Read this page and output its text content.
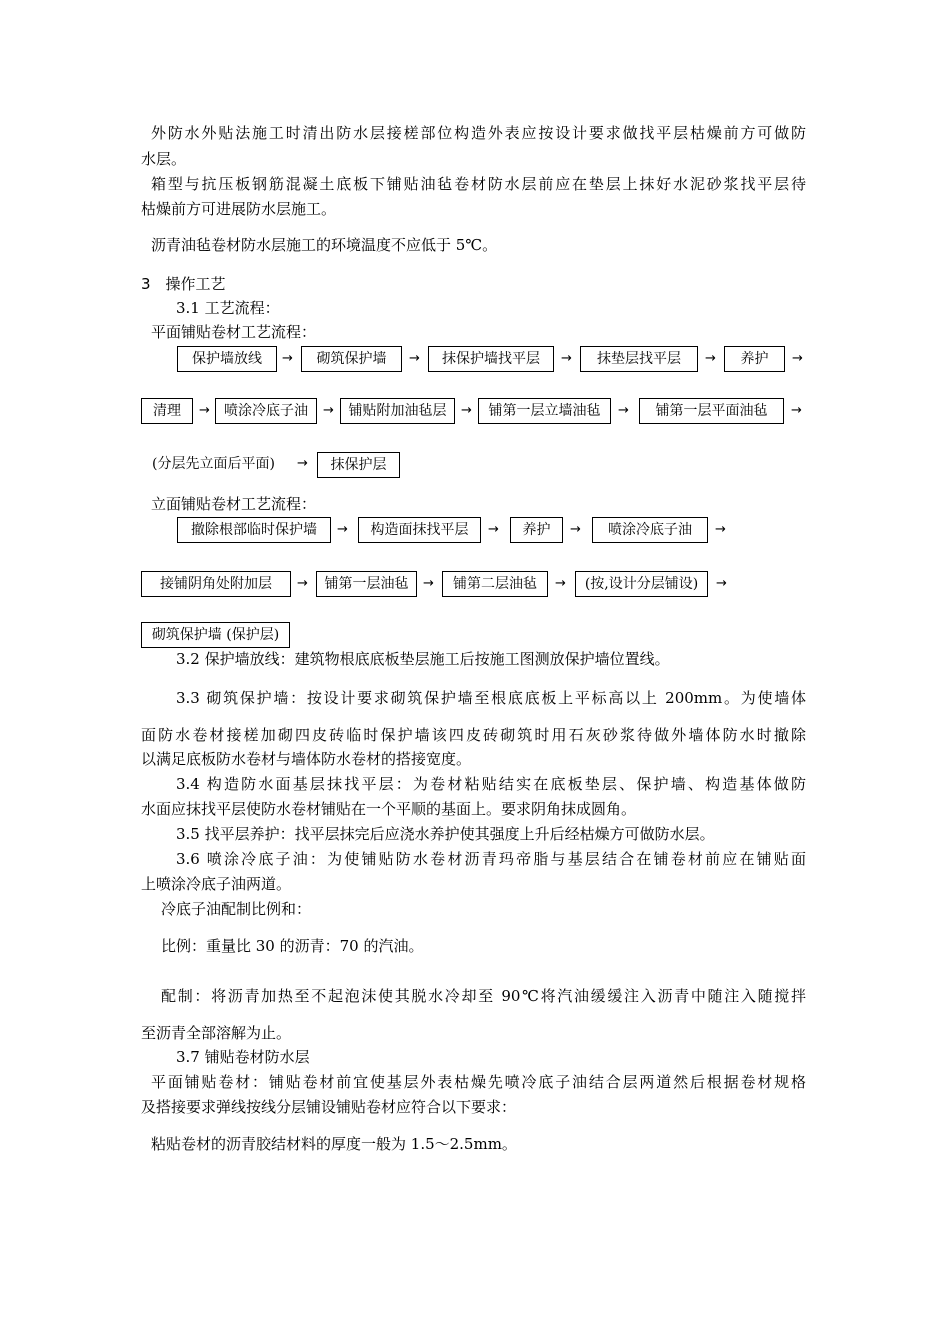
外防水外贴法施工时清出防水层接槎部位构造外表应按设计要求做找平层枯燥前方可做防
水层。
箱型与抗压板钢筋混凝土底板下铺贴油毡卷材防水层前应在垫层上抹好水泥砂浆找平层待
枯燥前方可进展防水层施工。
沥青油毡卷材防水层施工的环境温度不应低于 5℃。
3　操作工艺
3.1 工艺流程：
平面铺贴卷材工艺流程：
保护墙放线	→	砌筑保护墙	→	抹保护墙找平层	→	抹垫层找平层	→	养护	→
清理	→	喷涂冷底子油	→	铺贴附加油毡层	→	铺第一层立墙油毡	→	铺第一层平面油毡	→
(分层先立面后平面) →	抹保护层
立面铺贴卷材工艺流程：
撤除根部临时保护墙	→	构造面抹找平层	→	养护	→	喷涂冷底子油	→
接铺阴角处附加层	→	铺第一层油毡	→	铺第二层油毡	→	(按,设计分层铺设)	→
砌筑保护墙 (保护层)
3.2 保护墙放线：建筑物根底底板垫层施工后按施工图测放保护墙位置线。
3.3 砌筑保护墙：按设计要求砌筑保护墙至根底底板上平标高以上 200mm。为使墙体
面防水卷材接槎加砌四皮砖临时保护墙该四皮砖砌筑时用石灰砂浆待做外墙体防水时撤除
以满足底板防水卷材与墙体防水卷材的搭接宽度。
3.4 构造防水面基层抹找平层：为卷材粘贴结实在底板垫层、保护墙、构造基体做防
水面应抹找平层使防水卷材铺贴在一个平顺的基面上。要求阴角抹成圆角。
3.5 找平层养护：找平层抹完后应浇水养护使其强度上升后经枯燥方可做防水层。
3.6 喷涂冷底子油：为使铺贴防水卷材沥青玛帝脂与基层结合在铺卷材前应在铺贴面
上喷涂冷底子油两道。
冷底子油配制比例和：
比例：重量比 30 的沥青：70 的汽油。
配制：将沥青加热至不起泡沫使其脱水冷却至 90℃将汽油缓缓注入沥青中随注入随搅拌
至沥青全部溶解为止。
3.7 铺贴卷材防水层
平面铺贴卷材：铺贴卷材前宜使基层外表枯燥先喷冷底子油结合层两道然后根据卷材规格
及搭接要求弹线按线分层铺设铺贴卷材应符合以下要求：
粘贴卷材的沥青胶结材料的厚度一般为 1.5～2.5mm。
